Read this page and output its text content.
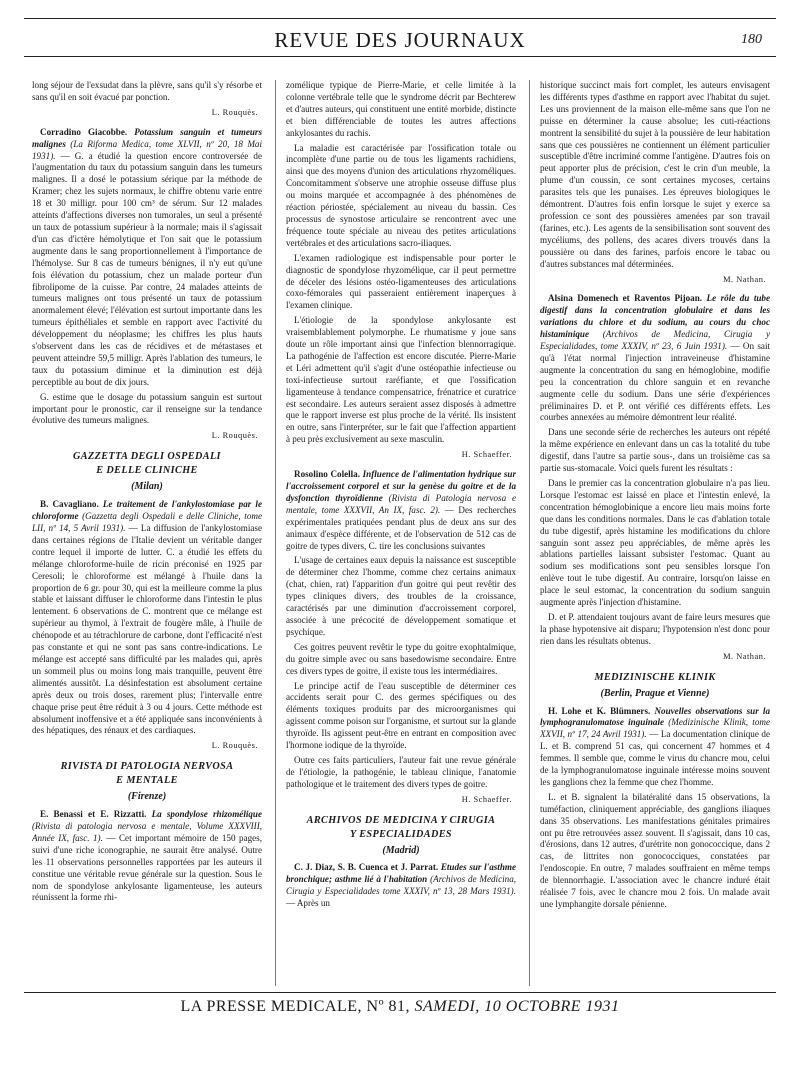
REVUE DES JOURNAUX	180

long séjour de l'exsudat dans la plèvre, sans qu'il s'y résorbe et sans qu'il en soit évacué par ponction.

L. Rouquès.

Corradino Giacobbe. Potassium sanguin et tumeurs malignes (La Riforma Medica, tome XLVII, nº 20, 18 Mai 1931). — G. a étudié la question encore controversée de l'augmentation du taux du potassium sanguin dans les tumeurs malignes. Il a dosé le potassium sérique par la méthode de Kramer; chez les sujets normaux, le chiffre obtenu varie entre 18 et 30 milligr. pour 100 cm³ de sérum. Sur 12 malades atteints d'affections diverses non tumorales, un seul a présenté un taux de potassium supérieur à la normale; mais il s'agissait d'un cas d'ictère hémolytique et l'on sait que le potassium augmente dans le sang proportionnellement à l'importance de l'hémolyse. Sur 8 cas de tumeurs bénignes, il n'y eut qu'une fois élévation du potassium, chez un malade porteur d'un fibrolipome de la cuisse. Par contre, 24 malades atteints de tumeurs malignes ont tous présenté un taux de potassium anormalement élevé; l'élévation est surtout importante dans les tumeurs épithéliales et semble en rapport avec l'activité du développement du néoplasme; les chiffres les plus hauts s'observent dans les cas de récidives et de métastases et peuvent atteindre 59,5 milligr. Après l'ablation des tumeurs, le taux du potassium diminue et la diminution est déjà perceptible au bout de dix jours.

G. estime que le dosage du potassium sanguin est surtout important pour le pronostic, car il renseigne sur la tendance évolutive des tumeurs malignes.

L. Rouquès.
GAZZETTA DEGLI OSPEDALI
E DELLE CLINICHE
(Milan)

B. Cavagliano. Le traitement de l'ankylostomiase par le chloroforme (Gazzetta degli Ospedali e delle Cliniche, tome LII, nº 14, 5 Avril 1931). — La diffusion de l'ankylostomiase dans certaines régions de l'Italie devient un véritable danger contre lequel il importe de lutter. C. a étudié les effets du mélange chloroforme-huile de ricin préconisé en 1925 par Ceresoli; le chloroforme est mélangé à l'huile dans la proportion de 6 gr. pour 30, qui est la meilleure comme la plus stable et laissant diffuser le chloroforme dans l'intestin le plus lentement. 6 observations de C. montrent que ce mélange est supérieur au thymol, à l'extrait de fougère mâle, à l'huile de chénopode et au tétrachlorure de carbone, dont l'efficacité n'est pas constante et qui ne sont pas sans contre-indications. Le mélange est accepté sans difficulté par les malades qui, après un sommeil plus ou moins long mais tranquille, peuvent être alimentés aussitôt. La désinfestation est absolument certaine après deux ou trois doses, rarement plus; l'intervalle entre chaque prise peut être réduit à 3 ou 4 jours. Cette méthode est absolument inoffensive et a été appliquée sans inconvénients à des hépatiques, des rénaux et des cardiaques.

L. Rouquès.
RIVISTA DI PATOLOGIA NERVOSA
E MENTALE
(Firenze)

E. Benassi et E. Rizzatti. La spondylose rhizomélique (Rivista di patologia nervosa e mentale, Volume XXXVIII, Année IX, fasc. 1). — Cet important mémoire de 150 pages, suivi d'une riche iconographie, ne saurait être analysé. Outre les 11 observations personnelles rapportées par les auteurs il constitue une véritable revue générale sur la question. Sous le nom de spondylose ankylosante ligamenteuse, les auteurs réunissent la forme rhi-

zomélique typique de Pierre-Marie, et celle limitée à la colonne vertébrale telle que le syndrome décrit par Bechterew et d'autres auteurs, qui constituent une entité morbide, distincte et bien différenciable de toutes les autres affections ankylosantes du rachis.

La maladie est caractérisée par l'ossification totale ou incomplète d'une partie ou de tous les ligaments rachidiens, ainsi que des moyens d'union des articulations rhyzoméliques. Concomitamment s'observe une atrophie osseuse diffuse plus ou moins marquée et accompagnée à des phénomènes de réaction périostée, spécialement au niveau du bassin. Ces processus de synostose articulaire se rencontrent avec une fréquence toute spéciale au niveau des petites articulations vertébrales et des articulations sacro-iliaques.

L'examen radiologique est indispensable pour porter le diagnostic de spondylose rhyzomélique, car il peut permettre de déceler des lésions ostéo-ligamenteuses des articulations coxo-fémorales qui passeraient entièrement inaperçues à l'examen clinique.

L'étiologie de la spondylose ankylosante est vraisemblablement polymorphe. Le rhumatisme y joue sans doute un rôle important ainsi que l'infection blennorragique. La pathogénie de l'affection est encore discutée. Pierre-Marie et Léri admettent qu'il s'agit d'une ostéopathie infectieuse ou toxi-infectieuse surtout raréfiante, et que l'ossification ligamenteuse à tendance compensatrice, frénatrice et curatrice est secondaire. Les auteurs seraient assez disposés à admettre que le rapport inverse est plus proche de la vérité. Ils insistent en outre, sans l'interpréter, sur le fait que l'affection appartient à peu près exclusivement au sexe masculin.

H. Schaeffer.

Rosolino Colella. Influence de l'alimentation hydrique sur l'accroissement corporel et sur la genèse du goitre et de la dysfonction thyroïdienne (Rivista di Patologia nervosa e mentale, tome XXXVII, An IX, fasc. 2). — Des recherches expérimentales pratiquées pendant plus de deux ans sur des animaux d'espèce différente, et de l'observation de 512 cas de goitre de types divers, C. tire les conclusions suivantes

L'usage de certaines eaux depuis la naissance est susceptible de déterminer chez l'homme, comme chez certains animaux (chat, chien, rat) l'apparition d'un goitre qui peut revêtir des types cliniques divers, des troubles de la croissance, caractérisés par une diminution d'accroissement corporel, associée à une précocité de développement somatique et psychique.

Ces goitres peuvent revêtir le type du goitre exophtalmique, du goitre simple avec ou sans basedowisme secondaire. Entre ces divers types de goitre, il existe tous les intermédiaires.

Le principe actif de l'eau susceptible de déterminer ces accidents serait pour C. des germes spécifiques ou des éléments toxiques produits par des microorganismes qui agissent comme poison sur l'organisme, et surtout sur la glande thyroïde. Ils agissent peut-être en entrant en composition avec l'hormone iodique de la thyroïde.

Outre ces faits particuliers, l'auteur fait une revue générale de l'étiologie, la pathogénie, le tableau clinique, l'anatomie pathologique et le traitement des divers types de goitre.

H. Schaeffer.
ARCHIVOS DE MEDICINA Y CIRUGIA
Y ESPECIALIDADES
(Madrid)

C. J. Diaz, S. B. Cuenca et J. Parrat. Etudes sur l'asthme bronchique; asthme lié à l'habitation (Archivos de Medicina, Cirugia y Especialidades tome XXXIV, nº 13, 28 Mars 1931). — Après un

historique succinct mais fort complet, les auteurs envisagent les différents types d'asthme en rapport avec l'habitat du sujet. Les uns proviennent de la maison elle-même sans que l'on ne puisse en déterminer la cause absolue; les cuti-réactions montrent la sensibilité du sujet à la poussière de leur habitation sans que ces poussières ne contiennent un élément particulier susceptible d'être incriminé comme l'antigène. D'autres fois on peut apporter plus de précision, c'est le crin d'un meuble, la plume d'un coussin, ce sont certaines mycoses, certains parasites tels que les punaises. Les épreuves biologiques le démontrent. D'autres fois enfin lorsque le sujet y exerce sa profession ce sont des poussières amenées par son travail (farines, etc.). Les agents de la sensibilisation sont souvent des mycéliums, des pollens, des acares divers trouvés dans la poussière ou dans des farines, parfois encore le tabac ou d'autres substances mal déterminées.

M. Nathan.

Alsina Domenech et Raventos Pijoan. Le rôle du tube digestif dans la concentration globulaire et dans les variations du chlore et du sodium, au cours du choc histaminique (Archivos de Medicina, Cirugia y Especialidades, tome XXXIV, nº 23, 6 Juin 1931). — On sait qu'à l'état normal l'injection intraveineuse d'histamine augmente la concentration du sang en hémoglobine, modifie peu la concentration du chlore sanguin et en revanche augmente celle du sodium. Dans une série d'expériences préliminaires D. et P. ont vérifié ces différents effets. Les courbes annexées au mémoire démontrent leur réalité.

Dans une seconde série de recherches les auteurs ont répété la même expérience en enlevant dans un cas la totalité du tube digestif, dans l'autre sa partie sous-, dans un troisième cas sa partie sus-stomacale. Voici quels furent les résultats :

Dans le premier cas la concentration globulaire n'a pas lieu. Lorsque l'estomac est laissé en place et l'intestin enlevé, la concentration hémoglobinique a encore lieu mais moins forte que dans les conditions normales. Dans le cas d'ablation totale du tube digestif, après histamine les modifications du chlore sanguin sont assez peu appréciables, de même après les ablations partielles laissant subsister l'estomac. Quant au sodium ses modifications sont peu sensibles lorsque l'on enlève tout le tube digestif. Au contraire, lorsqu'on laisse en place le seul estomac, la concentration du sodium sanguin augmente après l'injection d'histamine.

D. et P. attendaient toujours avant de faire leurs mesures que la phase hypotensive ait disparu; l'hypotension n'est donc pour rien dans les résultats obtenus.

M. Nathan.
MEDIZINISCHE KLINIK
(Berlin, Prague et Vienne)

H. Lohe et K. Blümners. Nouvelles observations sur la lymphogranulomatose inguinale (Medizinische Klinik, tome XXVII, nº 17, 24 Avril 1931). — La documentation clinique de L. et B. comprend 51 cas, qui concernent 47 hommes et 4 femmes. Il semble que, comme le virus du chancre mou, celui de la lymphogranulomatose inguinale intéresse moins souvent les ganglions chez la femme que chez l'homme.

L. et B. signalent la bilatéralité dans 15 observations, la tuméfaction, cliniquement appréciable, des ganglions iliaques dans 35 observations. Les manifestations génitales primaires ont pu être retrouvées assez souvent. Il s'agissait, dans 10 cas, d'érosions, dans 12 autres, d'urétrite non gonococcique, dans 2 cas, de littrites non gonococciques, constatées par l'endoscopie. En outre, 7 malades souffraient en même temps de blennorrhagie. L'association avec le chancre induré était réalisée 7 fois, avec le chancre mou 2 fois. Un malade avait une lymphangite dorsale pénienne.

LA PRESSE MEDICALE, Nº 81, SAMEDI, 10 OCTOBRE 1931
